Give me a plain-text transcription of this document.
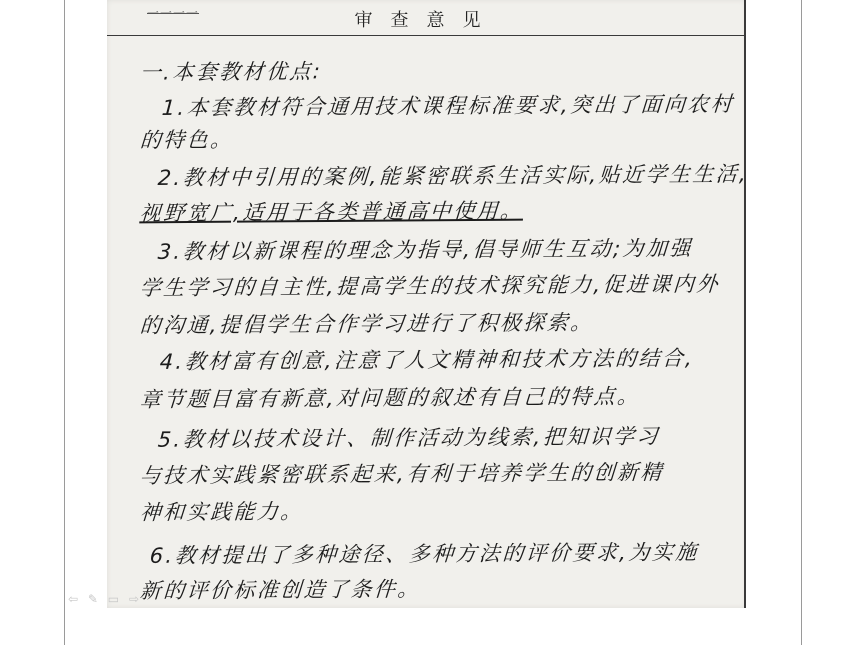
一一一一	审查意见
一.本套教材优点:
1.本套教材符合通用技术课程标准要求,突出了面向农村
的特色。
2.教材中引用的案例,能紧密联系生活实际,贴近学生生活,
视野宽广,适用于各类普通高中使用。
3.教材以新课程的理念为指导,倡导师生互动;为加强
学生学习的自主性,提高学生的技术探究能力,促进课内外
的沟通,提倡学生合作学习进行了积极探索。
4.教材富有创意,注意了人文精神和技术方法的结合,
章节题目富有新意,对问题的叙述有自己的特点。
5.教材以技术设计、制作活动为线索,把知识学习
与技术实践紧密联系起来,有利于培养学生的创新精
神和实践能力。
6.教材提出了多种途径、多种方法的评价要求,为实施
新的评价标准创造了条件。
⇦ ✎ ▭ ⇨
